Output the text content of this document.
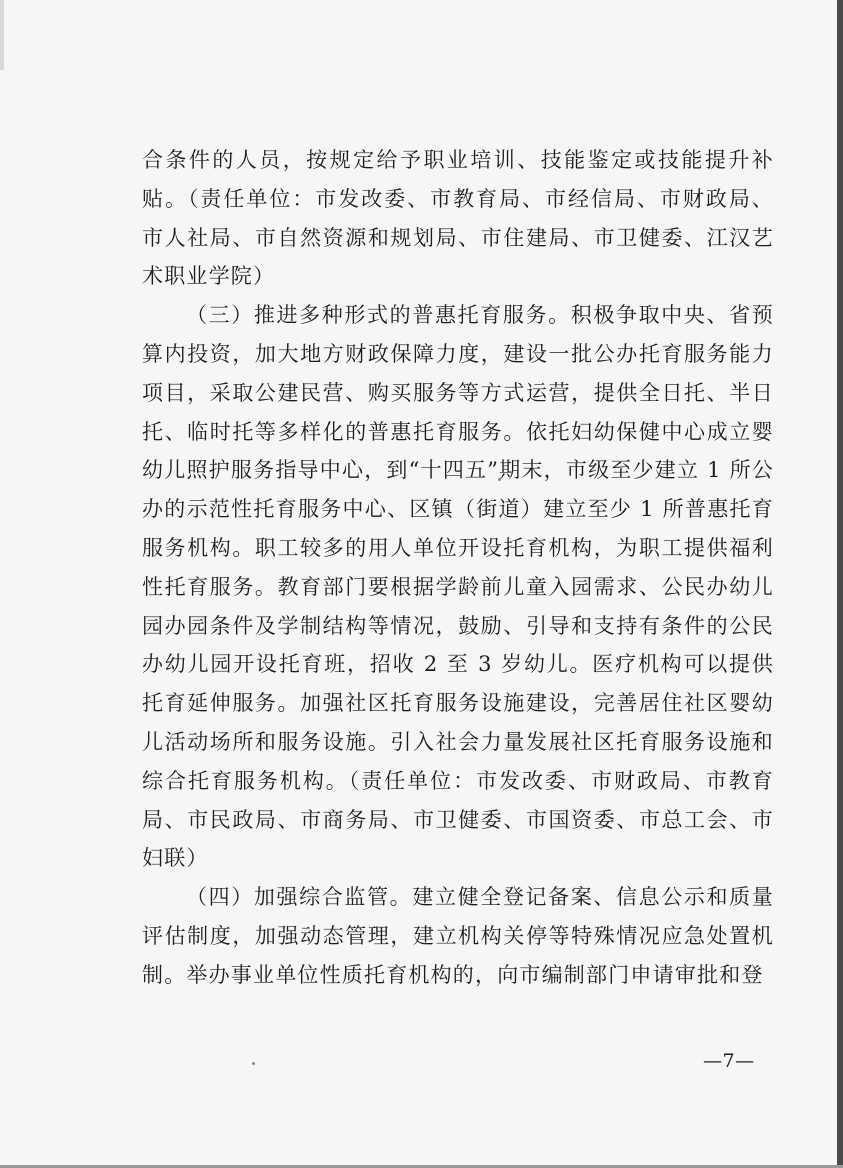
合条件的人员，按规定给予职业培训、技能鉴定或技能提升补贴。（责任单位：市发改委、市教育局、市经信局、市财政局、市人社局、市自然资源和规划局、市住建局、市卫健委、江汉艺术职业学院）

（三）推进多种形式的普惠托育服务。积极争取中央、省预算内投资，加大地方财政保障力度，建设一批公办托育服务能力项目，采取公建民营、购买服务等方式运营，提供全日托、半日托、临时托等多样化的普惠托育服务。依托妇幼保健中心成立婴幼儿照护服务指导中心，到“十四五”期末，市级至少建立 1 所公办的示范性托育服务中心、区镇（街道）建立至少 1 所普惠托育服务机构。职工较多的用人单位开设托育机构，为职工提供福利性托育服务。教育部门要根据学龄前儿童入园需求、公民办幼儿园办园条件及学制结构等情况，鼓励、引导和支持有条件的公民办幼儿园开设托育班，招收 2 至 3 岁幼儿。医疗机构可以提供托育延伸服务。加强社区托育服务设施建设，完善居住社区婴幼儿活动场所和服务设施。引入社会力量发展社区托育服务设施和综合托育服务机构。（责任单位：市发改委、市财政局、市教育局、市民政局、市商务局、市卫健委、市国资委、市总工会、市妇联）

（四）加强综合监管。建立健全登记备案、信息公示和质量评估制度，加强动态管理，建立机构关停等特殊情况应急处置机制。举办事业单位性质托育机构的，向市编制部门申请审批和登

—7—
